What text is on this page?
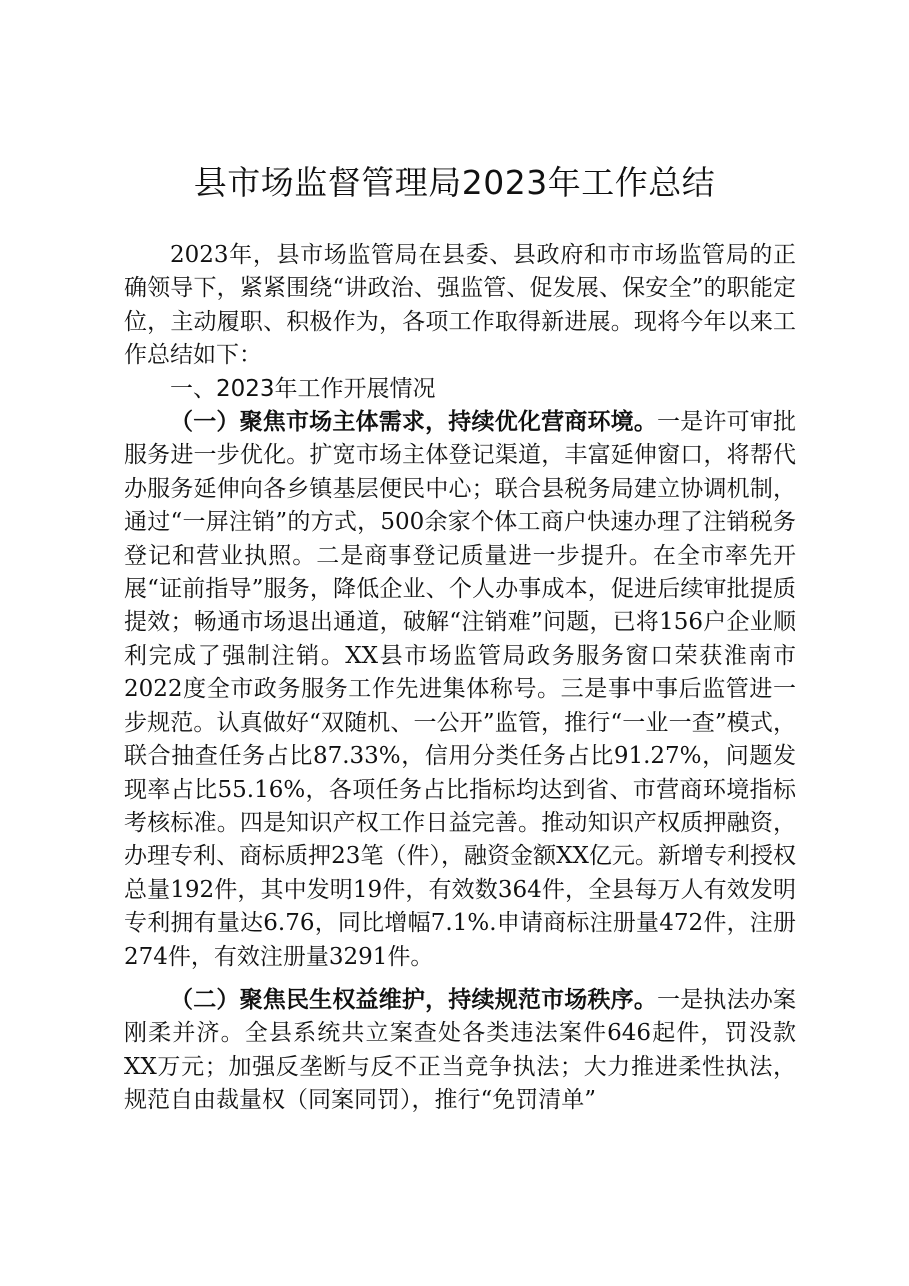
县市场监督管理局2023年工作总结

2023年，县市场监管局在县委、县政府和市市场监管局的正确领导下，紧紧围绕“讲政治、强监管、促发展、保安全”的职能定位，主动履职、积极作为，各项工作取得新进展。现将今年以来工作总结如下：

一、2023年工作开展情况

（一）聚焦市场主体需求，持续优化营商环境。一是许可审批服务进一步优化。扩宽市场主体登记渠道，丰富延伸窗口，将帮代办服务延伸向各乡镇基层便民中心；联合县税务局建立协调机制，通过“一屏注销”的方式，500余家个体工商户快速办理了注销税务登记和营业执照。二是商事登记质量进一步提升。在全市率先开展“证前指导”服务，降低企业、个人办事成本，促进后续审批提质提效；畅通市场退出通道，破解“注销难”问题，已将156户企业顺利完成了强制注销。XX县市场监管局政务服务窗口荣获淮南市2022度全市政务服务工作先进集体称号。三是事中事后监管进一步规范。认真做好“双随机、一公开”监管，推行“一业一查”模式，联合抽查任务占比87.33%，信用分类任务占比91.27%，问题发现率占比55.16%，各项任务占比指标均达到省、市营商环境指标考核标准。四是知识产权工作日益完善。推动知识产权质押融资，办理专利、商标质押23笔（件），融资金额XX亿元。新增专利授权总量192件，其中发明19件，有效数364件，全县每万人有效发明专利拥有量达6.76，同比增幅7.1%.申请商标注册量472件，注册274件，有效注册量3291件。

（二）聚焦民生权益维护，持续规范市场秩序。一是执法办案刚柔并济。全县系统共立案查处各类违法案件646起件，罚没款XX万元；加强反垄断与反不正当竞争执法；大力推进柔性执法，规范自由裁量权（同案同罚），推行“免罚清单”
